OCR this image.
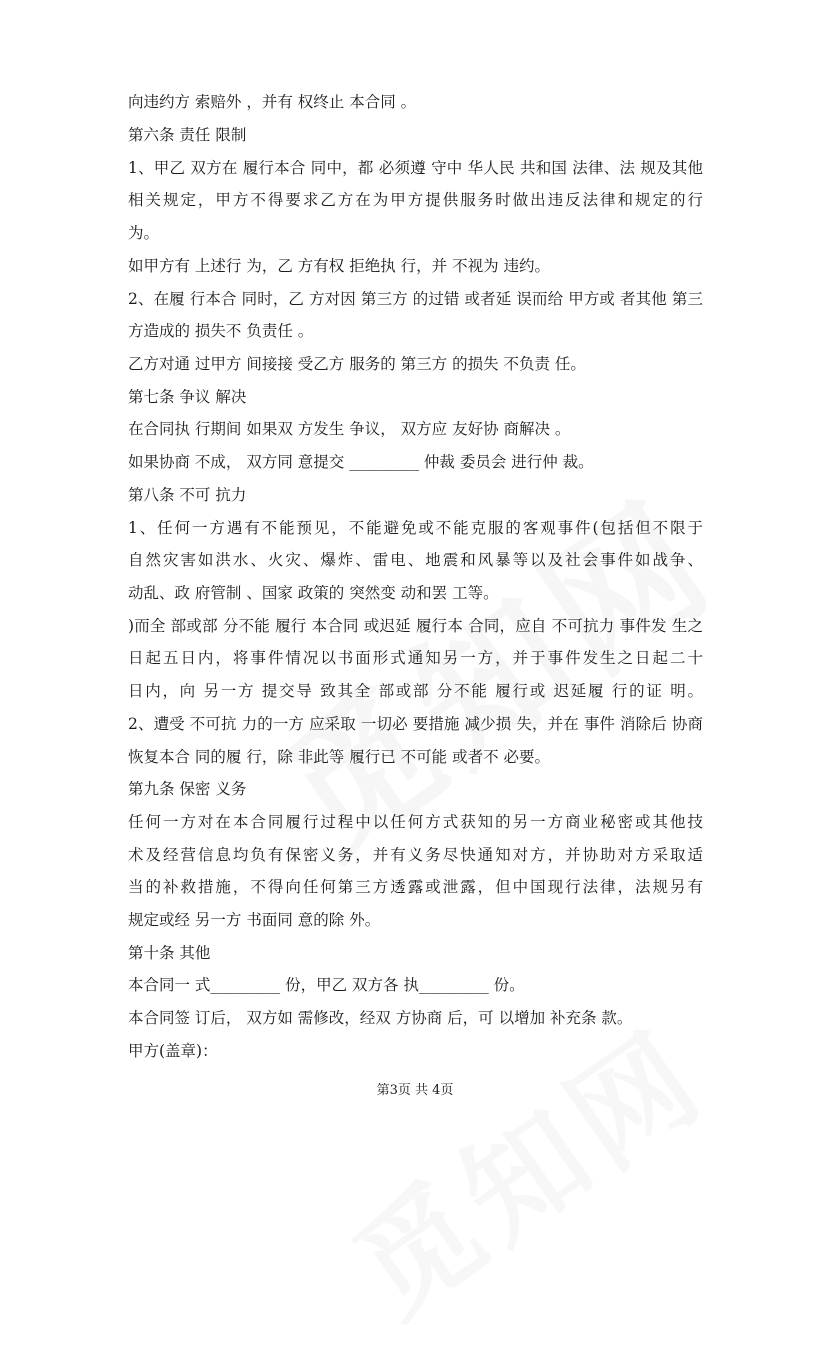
向违约方 索赔外 ，并有 权终止 本合同 。
第六条 责任 限制
1、甲乙 双方在 履行本合 同中，都 必须遵 守中 华人民 共和国 法律、法 规及其他
相关规定，甲方不得要求乙方在为甲方提供服务时做出违反法律和规定的行
为。
如甲方有 上述行 为，乙 方有权 拒绝执 行，并 不视为 违约。
2、在履 行本合 同时，乙 方对因 第三方 的过错 或者延 误而给 甲方或 者其他 第三
方造成的 损失不 负责任 。
乙方对通 过甲方 间接接 受乙方 服务的 第三方 的损失 不负责 任。
第七条 争议 解决
在合同执 行期间 如果双 方发生 争议， 双方应 友好协 商解决 。
如果协商 不成， 双方同 意提交 _________ 仲裁 委员会 进行仲 裁。
第八条 不可 抗力
1、任何一方遇有不能预见，不能避免或不能克服的客观事件(包括但不限于
自然灾害如洪水、火灾、爆炸、雷电、地震和风暴等以及社会事件如战争、
动乱、政 府管制 、国家 政策的 突然变 动和罢 工等。
)而全 部或部 分不能 履行 本合同 或迟延 履行本 合同，应自 不可抗力 事件发 生之
日起五日内，将事件情况以书面形式通知另一方，并于事件发生之日起二十
日内，向 另一方 提交导 致其全 部或部 分不能 履行或 迟延履 行的证 明。
2、遭受 不可抗 力的一方 应采取 一切必 要措施 减少损 失，并在 事件 消除后 协商
恢复本合 同的履 行，除 非此等 履行已 不可能 或者不 必要。
第九条 保密 义务
任何一方对在本合同履行过程中以任何方式获知的另一方商业秘密或其他技
术及经营信息均负有保密义务，并有义务尽快通知对方，并协助对方采取适
当的补救措施，不得向任何第三方透露或泄露，但中国现行法律，法规另有
规定或经 另一方 书面同 意的除 外。
第十条 其他
本合同一 式_________ 份，甲乙 双方各 执_________ 份。
本合同签 订后， 双方如 需修改，经双 方协商 后，可 以增加 补充条 款。
甲方(盖章)：
第3页 共 4页
